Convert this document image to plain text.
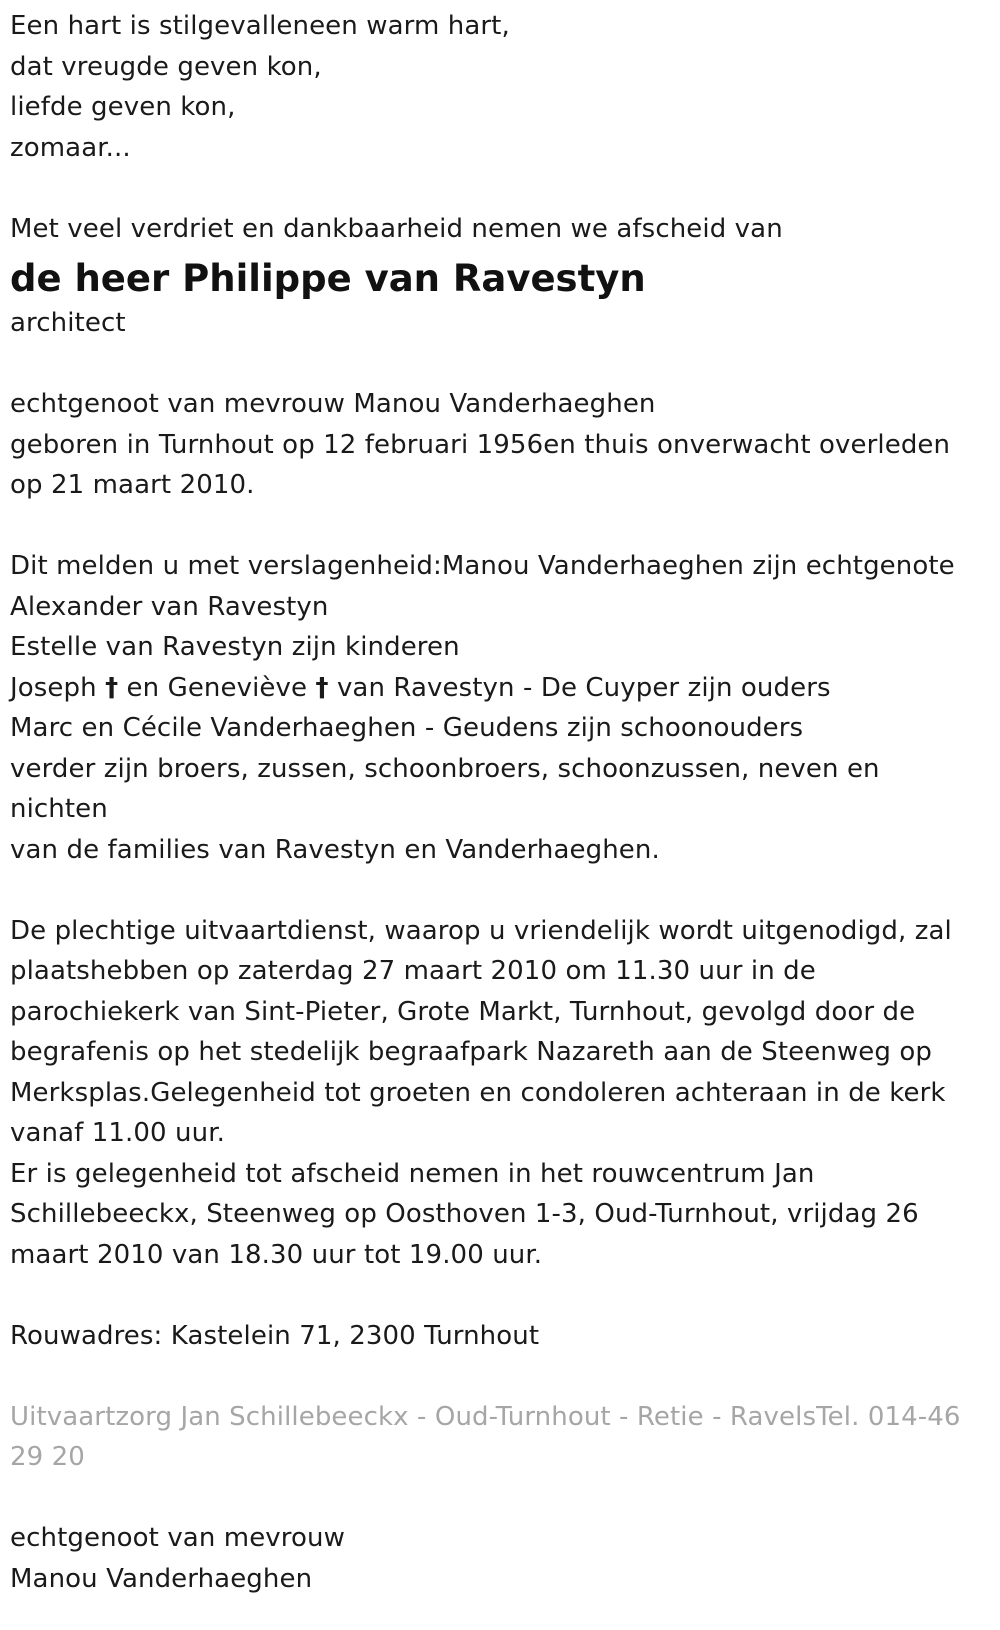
Een hart is stilgevalleneen warm hart,
dat vreugde geven kon,
liefde geven kon,
zomaar...
Met veel verdriet en dankbaarheid nemen we afscheid van
de heer Philippe van Ravestyn
architect
echtgenoot van mevrouw Manou Vanderhaeghen
geboren in Turnhout op 12 februari 1956en thuis onverwacht overleden
op 21 maart 2010.
Dit melden u met verslagenheid:Manou Vanderhaeghen zijn echtgenote
Alexander van Ravestyn
Estelle van Ravestyn zijn kinderen
Joseph † en Geneviève † van Ravestyn - De Cuyper zijn ouders
Marc en Cécile Vanderhaeghen - Geudens zijn schoonouders
verder zijn broers, zussen, schoonbroers, schoonzussen, neven en
nichten
van de families van Ravestyn en Vanderhaeghen.
De plechtige uitvaartdienst, waarop u vriendelijk wordt uitgenodigd, zal
plaatshebben op zaterdag 27 maart 2010 om 11.30 uur in de
parochiekerk van Sint-Pieter, Grote Markt, Turnhout, gevolgd door de
begrafenis op het stedelijk begraafpark Nazareth aan de Steenweg op
Merksplas.Gelegenheid tot groeten en condoleren achteraan in de kerk
vanaf 11.00 uur.
Er is gelegenheid tot afscheid nemen in het rouwcentrum Jan
Schillebeeckx, Steenweg op Oosthoven 1-3, Oud-Turnhout, vrijdag 26
maart 2010 van 18.30 uur tot 19.00 uur.
Rouwadres: Kastelein 71, 2300 Turnhout
Uitvaartzorg Jan Schillebeeckx - Oud-Turnhout - Retie - RavelsTel. 014-46
29 20
echtgenoot van mevrouw
Manou Vanderhaeghen
